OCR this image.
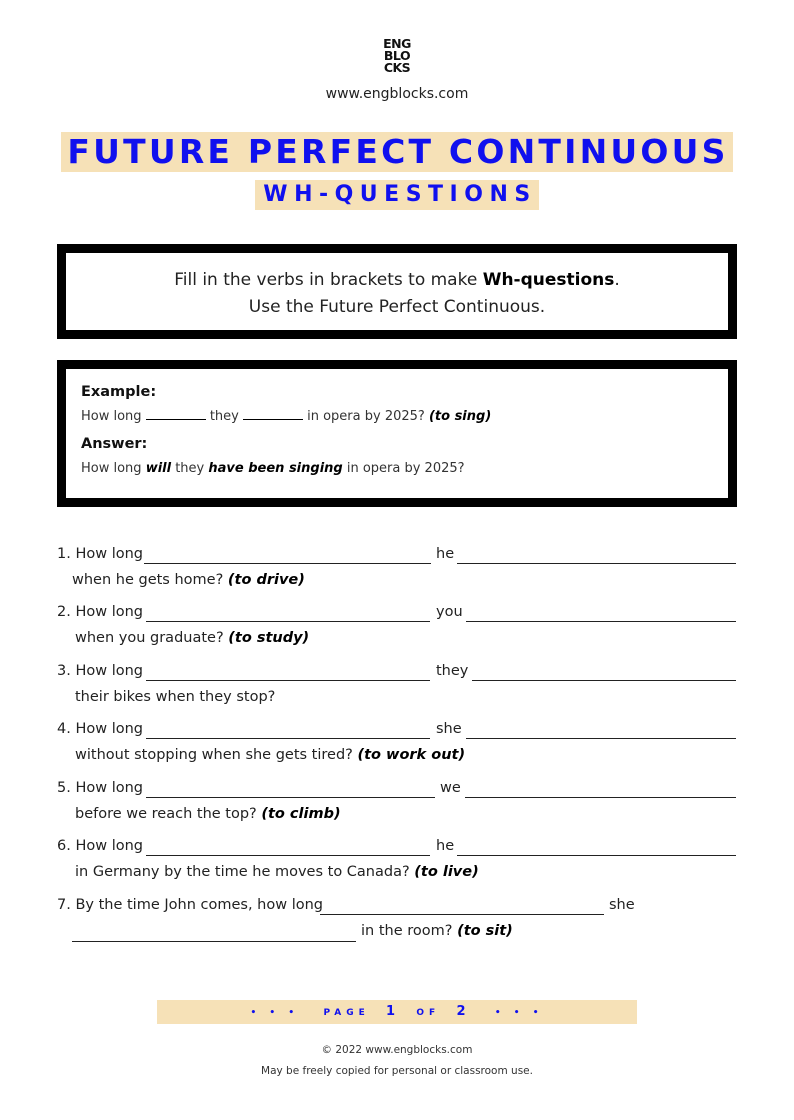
ENG
BLO
CKS
www.engblocks.com
FUTURE PERFECT CONTINUOUS
WH-QUESTIONS
Fill in the verbs in brackets to make Wh-questions.
Use the Future Perfect Continuous.
Example:
How long	they	in opera by 2025? (to sing)
Answer:
How long will they have been singing in opera by 2025?
1. How long	he
when he gets home? (to drive)
2. How long	you
when you graduate? (to study)
3. How long	they
their bikes when they stop?
4. How long	she
without stopping when she gets tired? (to work out)
5. How long	we
before we reach the top? (to climb)
6. How long	he
in Germany by the time he moves to Canada? (to live)
7. By the time John comes, how long	she
in the room? (to sit)
• • •	PAGE 1 OF 2	• • •
© 2022 www.engblocks.com
May be freely copied for personal or classroom use.
